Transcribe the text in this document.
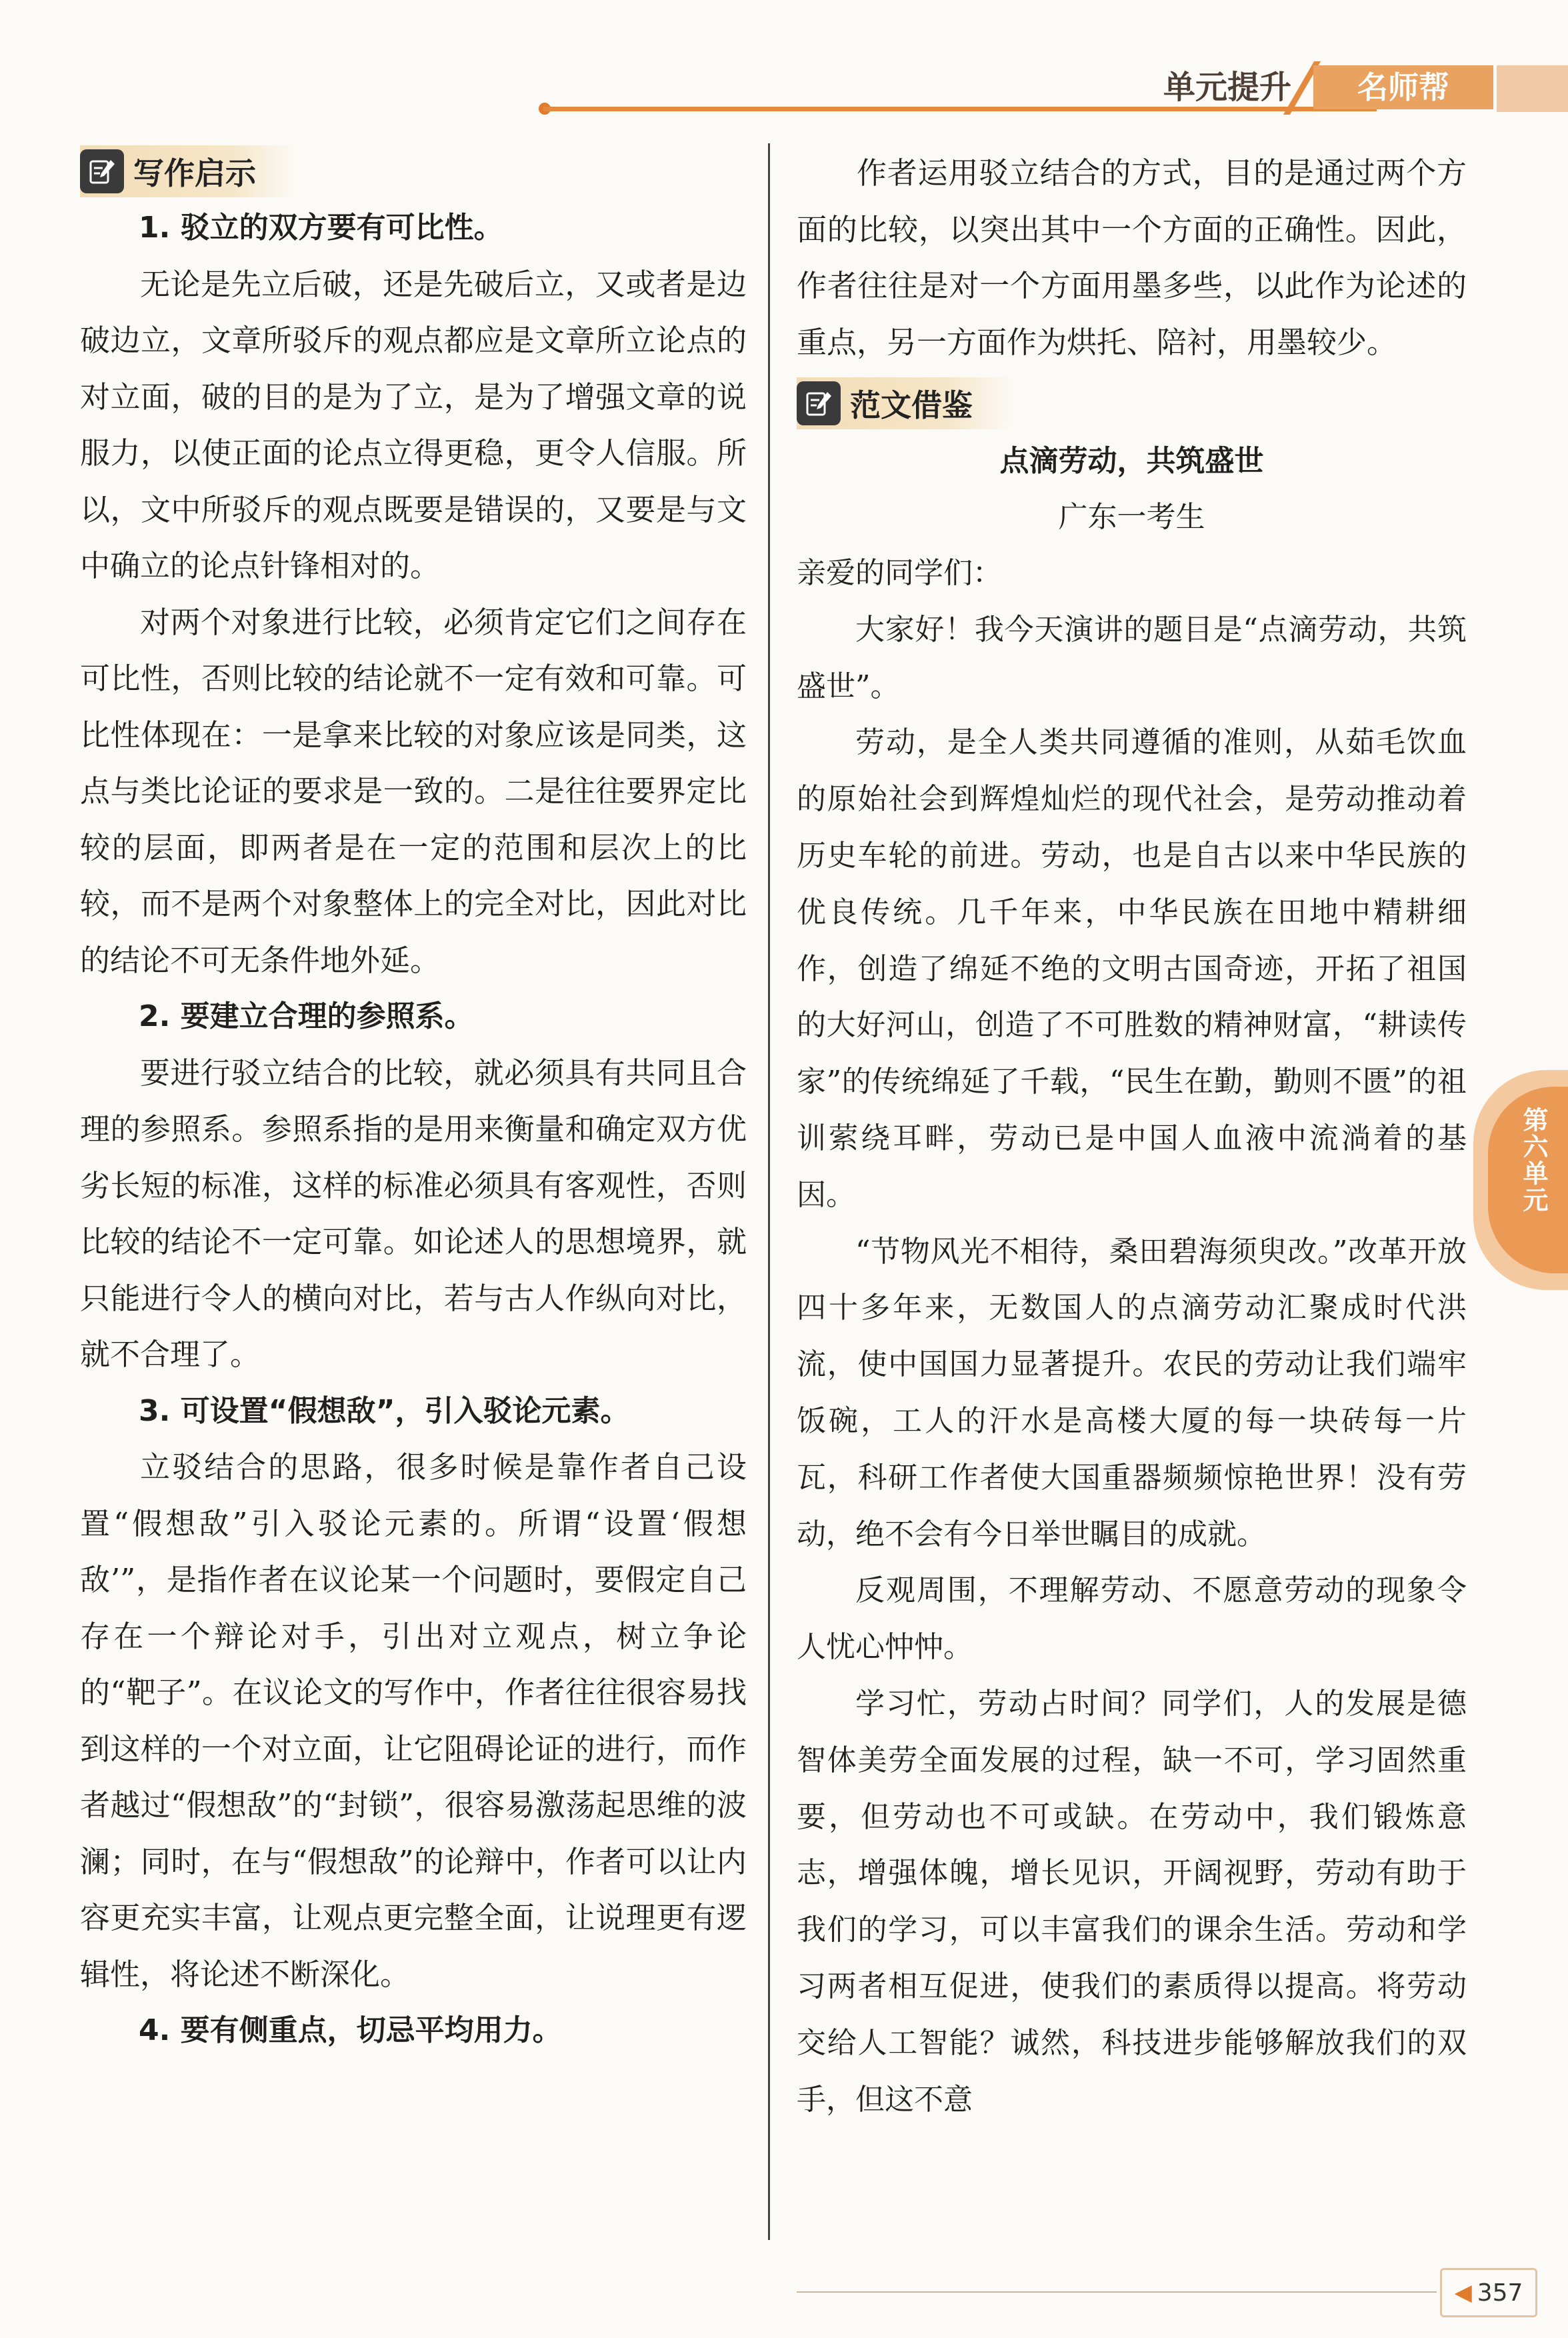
单元提升	名师帮
写作启示

1. 驳立的双方要有可比性。

无论是先立后破，还是先破后立，又或者是边破边立，文章所驳斥的观点都应是文章所立论点的对立面，破的目的是为了立，是为了增强文章的说服力，以使正面的论点立得更稳，更令人信服。所以，文中所驳斥的观点既要是错误的，又要是与文中确立的论点针锋相对的。

对两个对象进行比较，必须肯定它们之间存在可比性，否则比较的结论就不一定有效和可靠。可比性体现在：一是拿来比较的对象应该是同类，这点与类比论证的要求是一致的。二是往往要界定比较的层面，即两者是在一定的范围和层次上的比较，而不是两个对象整体上的完全对比，因此对比的结论不可无条件地外延。

2. 要建立合理的参照系。

要进行驳立结合的比较，就必须具有共同且合理的参照系。参照系指的是用来衡量和确定双方优劣长短的标准，这样的标准必须具有客观性，否则比较的结论不一定可靠。如论述人的思想境界，就只能进行令人的横向对比，若与古人作纵向对比，就不合理了。

3. 可设置“假想敌”，引入驳论元素。

立驳结合的思路，很多时候是靠作者自己设置“假想敌”引入驳论元素的。所谓“设置‘假想敌’”，是指作者在议论某一个问题时，要假定自己存在一个辩论对手，引出对立观点，树立争论的“靶子”。在议论文的写作中，作者往往很容易找到这样的一个对立面，让它阻碍论证的进行，而作者越过“假想敌”的“封锁”，很容易激荡起思维的波澜；同时，在与“假想敌”的论辩中，作者可以让内容更充实丰富，让观点更完整全面，让说理更有逻辑性，将论述不断深化。

4. 要有侧重点，切忌平均用力。

作者运用驳立结合的方式，目的是通过两个方面的比较，以突出其中一个方面的正确性。因此，作者往往是对一个方面用墨多些，以此作为论述的重点，另一方面作为烘托、陪衬，用墨较少。

范文借鉴
点滴劳动，共筑盛世
广东一考生

亲爱的同学们：

大家好！我今天演讲的题目是“点滴劳动，共筑盛世”。

劳动，是全人类共同遵循的准则，从茹毛饮血的原始社会到辉煌灿烂的现代社会，是劳动推动着历史车轮的前进。劳动，也是自古以来中华民族的优良传统。几千年来，中华民族在田地中精耕细作，创造了绵延不绝的文明古国奇迹，开拓了祖国的大好河山，创造了不可胜数的精神财富，“耕读传家”的传统绵延了千载，“民生在勤，勤则不匮”的祖训萦绕耳畔，劳动已是中国人血液中流淌着的基因。

“节物风光不相待，桑田碧海须臾改。”改革开放四十多年来，无数国人的点滴劳动汇聚成时代洪流，使中国国力显著提升。农民的劳动让我们端牢饭碗，工人的汗水是高楼大厦的每一块砖每一片瓦，科研工作者使大国重器频频惊艳世界！没有劳动，绝不会有今日举世瞩目的成就。

反观周围，不理解劳动、不愿意劳动的现象令人忧心忡忡。

学习忙，劳动占时间？同学们，人的发展是德智体美劳全面发展的过程，缺一不可，学习固然重要，但劳动也不可或缺。在劳动中，我们锻炼意志，增强体魄，增长见识，开阔视野，劳动有助于我们的学习，可以丰富我们的课余生活。劳动和学习两者相互促进，使我们的素质得以提高。将劳动交给人工智能？诚然，科技进步能够解放我们的双手，但这不意

第六单元
◀ 357
